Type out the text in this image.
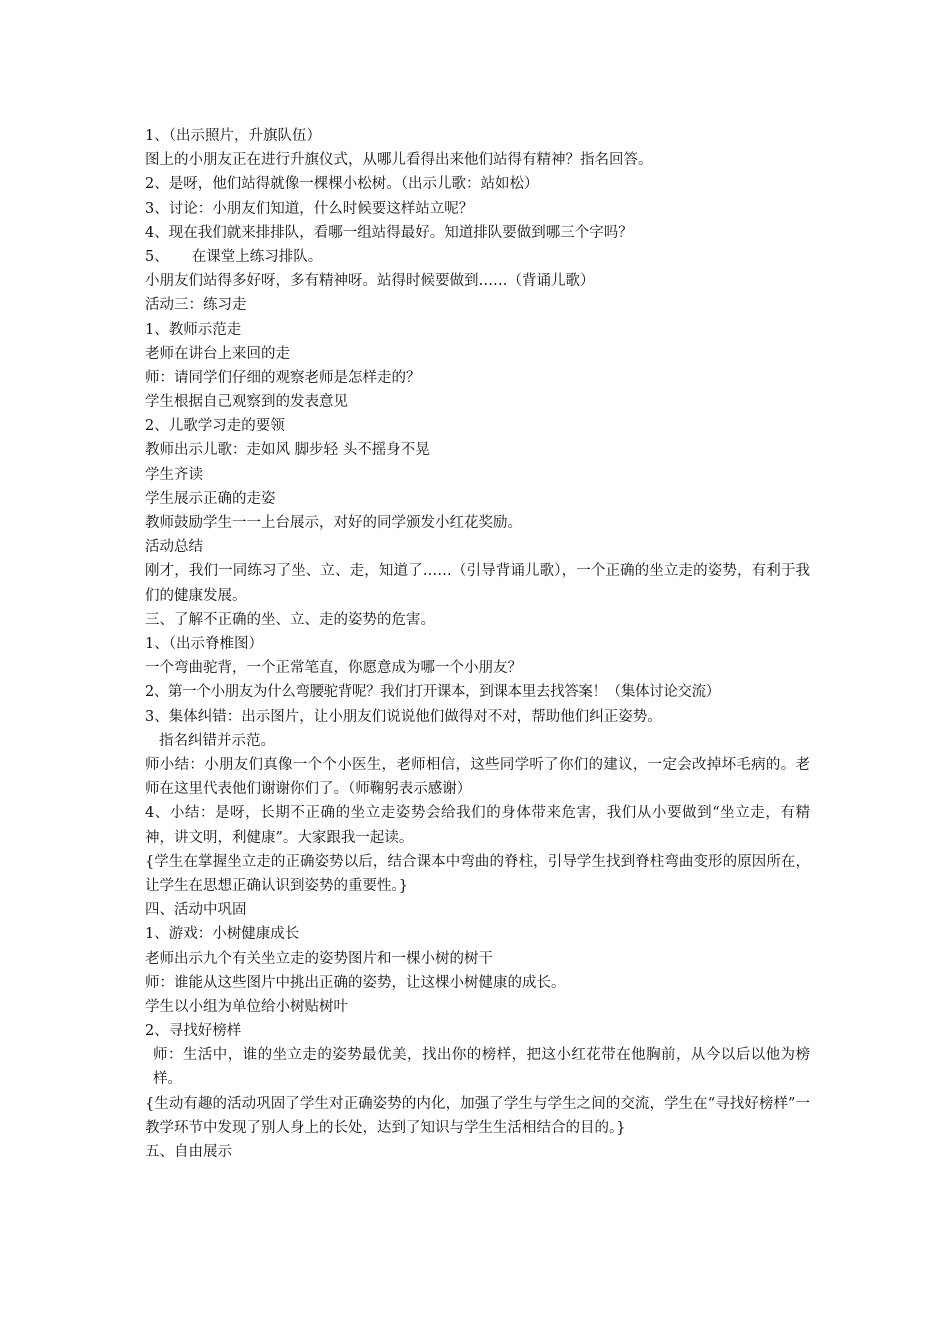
1、（出示照片，升旗队伍）
图上的小朋友正在进行升旗仪式，从哪儿看得出来他们站得有精神？指名回答。
2、是呀，他们站得就像一棵棵小松树。（出示儿歌：站如松）
3、讨论：小朋友们知道，什么时候要这样站立呢？
4、现在我们就来排排队，看哪一组站得最好。知道排队要做到哪三个字吗？
5、     在课堂上练习排队。
小朋友们站得多好呀，多有精神呀。站得时候要做到……（背诵儿歌）
活动三：练习走
1、教师示范走
老师在讲台上来回的走
师：请同学们仔细的观察老师是怎样走的？
学生根据自己观察到的发表意见
2、儿歌学习走的要领
教师出示儿歌：走如风 脚步轻 头不摇身不晃
学生齐读
学生展示正确的走姿
教师鼓励学生一一上台展示，对好的同学颁发小红花奖励。
活动总结
刚才，我们一同练习了坐、立、走，知道了……（引导背诵儿歌），一个正确的坐立走的姿势，有利于我们的健康发展。
三、了解不正确的坐、立、走的姿势的危害。
1、（出示脊椎图）
一个弯曲驼背，一个正常笔直，你愿意成为哪一个小朋友？
2、第一个小朋友为什么弯腰驼背呢？我们打开课本，到课本里去找答案！（集体讨论交流）
3、集体纠错：出示图片，让小朋友们说说他们做得对不对，帮助他们纠正姿势。
指名纠错并示范。
师小结：小朋友们真像一个个小医生，老师相信，这些同学听了你们的建议，一定会改掉坏毛病的。老师在这里代表他们谢谢你们了。（师鞠躬表示感谢）
4、小结：是呀，长期不正确的坐立走姿势会给我们的身体带来危害，我们从小要做到“坐立走，有精神，讲文明，利健康”。大家跟我一起读。
{学生在掌握坐立走的正确姿势以后，结合课本中弯曲的脊柱，引导学生找到脊柱弯曲变形的原因所在，让学生在思想正确认识到姿势的重要性。}
四、活动中巩固
1、游戏：小树健康成长
老师出示九个有关坐立走的姿势图片和一棵小树的树干
师：谁能从这些图片中挑出正确的姿势，让这棵小树健康的成长。
学生以小组为单位给小树贴树叶
2、寻找好榜样
师：生活中，谁的坐立走的姿势最优美，找出你的榜样，把这小红花带在他胸前，从今以后以他为榜样。
{生动有趣的活动巩固了学生对正确姿势的内化，加强了学生与学生之间的交流，学生在“寻找好榜样”一教学环节中发现了别人身上的长处，达到了知识与学生生活相结合的目的。}
五、自由展示
